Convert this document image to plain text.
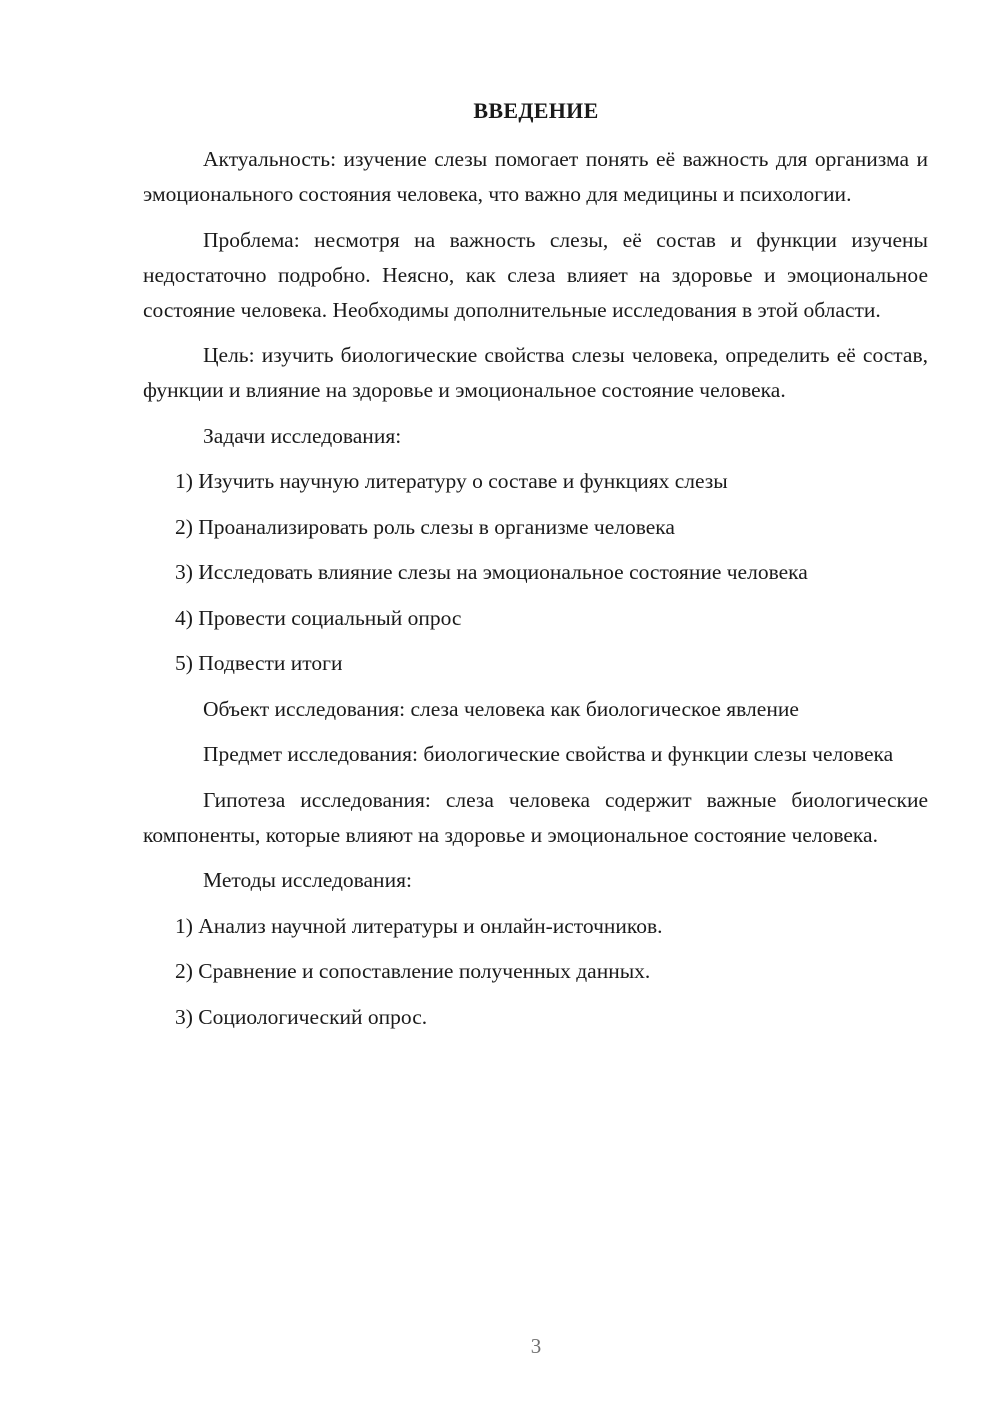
ВВЕДЕНИЕ

Актуальность: изучение слезы помогает понять её важность для организма и эмоционального состояния человека, что важно для медицины и психологии.

Проблема: несмотря на важность слезы, её состав и функции изучены недостаточно подробно. Неясно, как слеза влияет на здоровье и эмоциональное состояние человека. Необходимы дополнительные исследования в этой области.

Цель: изучить биологические свойства слезы человека, определить её состав, функции и влияние на здоровье и эмоциональное состояние человека.

Задачи исследования:

1) Изучить научную литературу о составе и функциях слезы

2) Проанализировать роль слезы в организме человека

3) Исследовать влияние слезы на эмоциональное состояние человека

4) Провести социальный опрос

5) Подвести итоги

Объект исследования: слеза человека как биологическое явление

Предмет исследования: биологические свойства и функции слезы человека

Гипотеза исследования: слеза человека содержит важные биологические компоненты, которые влияют на здоровье и эмоциональное состояние человека.

Методы исследования:

1) Анализ научной литературы и онлайн-источников.

2) Сравнение и сопоставление полученных данных.

3) Социологический опрос.

3
